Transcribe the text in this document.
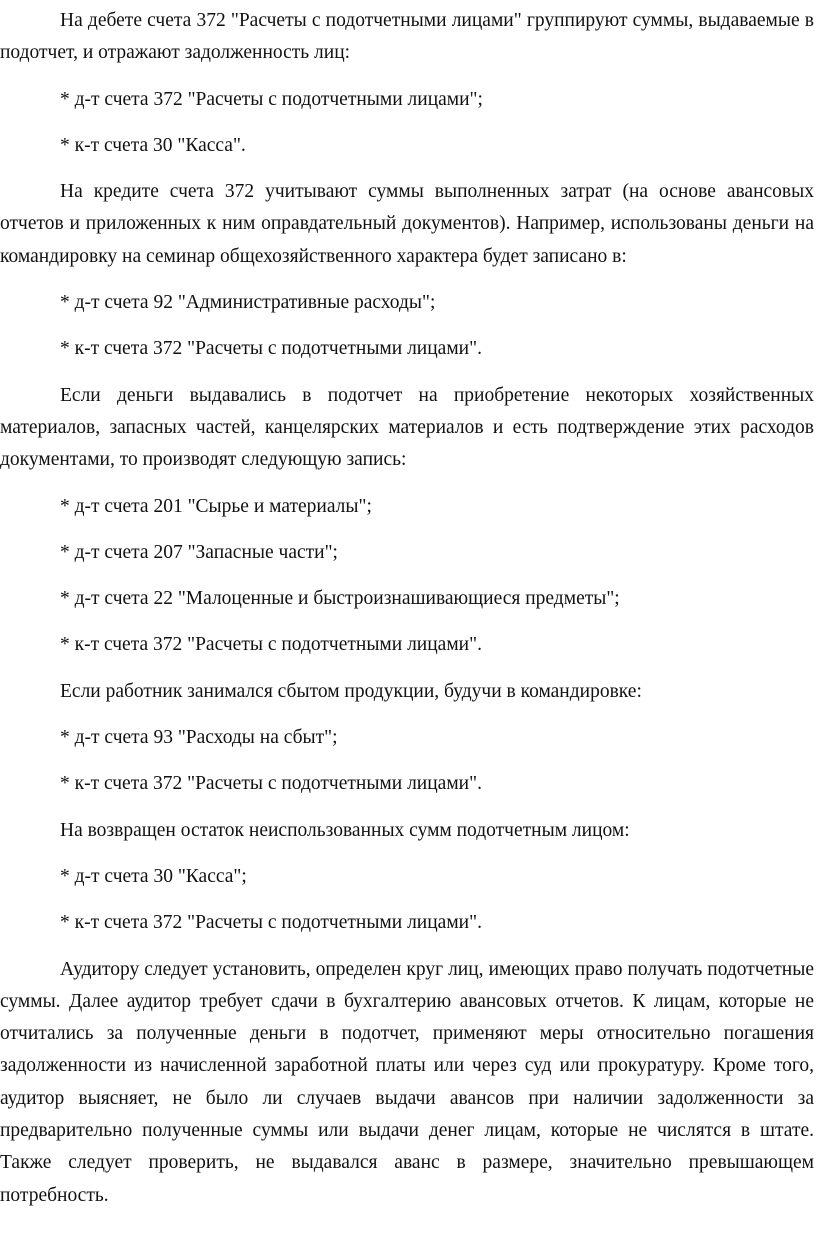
На дебете счета 372 "Расчеты с подотчетными лицами" группируют суммы, выдаваемые в подотчет, и отражают задолженность лиц:

* д-т счета 372 "Расчеты с подотчетными лицами";

* к-т счета 30 "Касса".

На кредите счета 372 учитывают суммы выполненных затрат (на основе авансовых отчетов и приложенных к ним оправдательный документов). Например, использованы деньги на командировку на семинар общехозяйственного характера будет записано в:

* д-т счета 92 "Административные расходы";

* к-т счета 372 "Расчеты с подотчетными лицами".

Если деньги выдавались в подотчет на приобретение некоторых хозяйственных материалов, запасных частей, канцелярских материалов и есть подтверждение этих расходов документами, то производят следующую запись:

* д-т счета 201 "Сырье и материалы";

* д-т счета 207 "Запасные части";

* д-т счета 22 "Малоценные и быстроизнашивающиеся предметы";

* к-т счета 372 "Расчеты с подотчетными лицами".

Если работник занимался сбытом продукции, будучи в командировке:

* д-т счета 93 "Расходы на сбыт";

* к-т счета 372 "Расчеты с подотчетными лицами".

На возвращен остаток неиспользованных сумм подотчетным лицом:

* д-т счета 30 "Касса";

* к-т счета 372 "Расчеты с подотчетными лицами".

Аудитору следует установить, определен круг лиц, имеющих право получать подотчетные суммы. Далее аудитор требует сдачи в бухгалтерию авансовых отчетов. К лицам, которые не отчитались за полученные деньги в подотчет, применяют меры относительно погашения задолженности из начисленной заработной платы или через суд или прокуратуру. Кроме того, аудитор выясняет, не было ли случаев выдачи авансов при наличии задолженности за предварительно полученные суммы или выдачи денег лицам, которые не числятся в штате. Также следует проверить, не выдавался аванс в размере, значительно превышающем потребность.
